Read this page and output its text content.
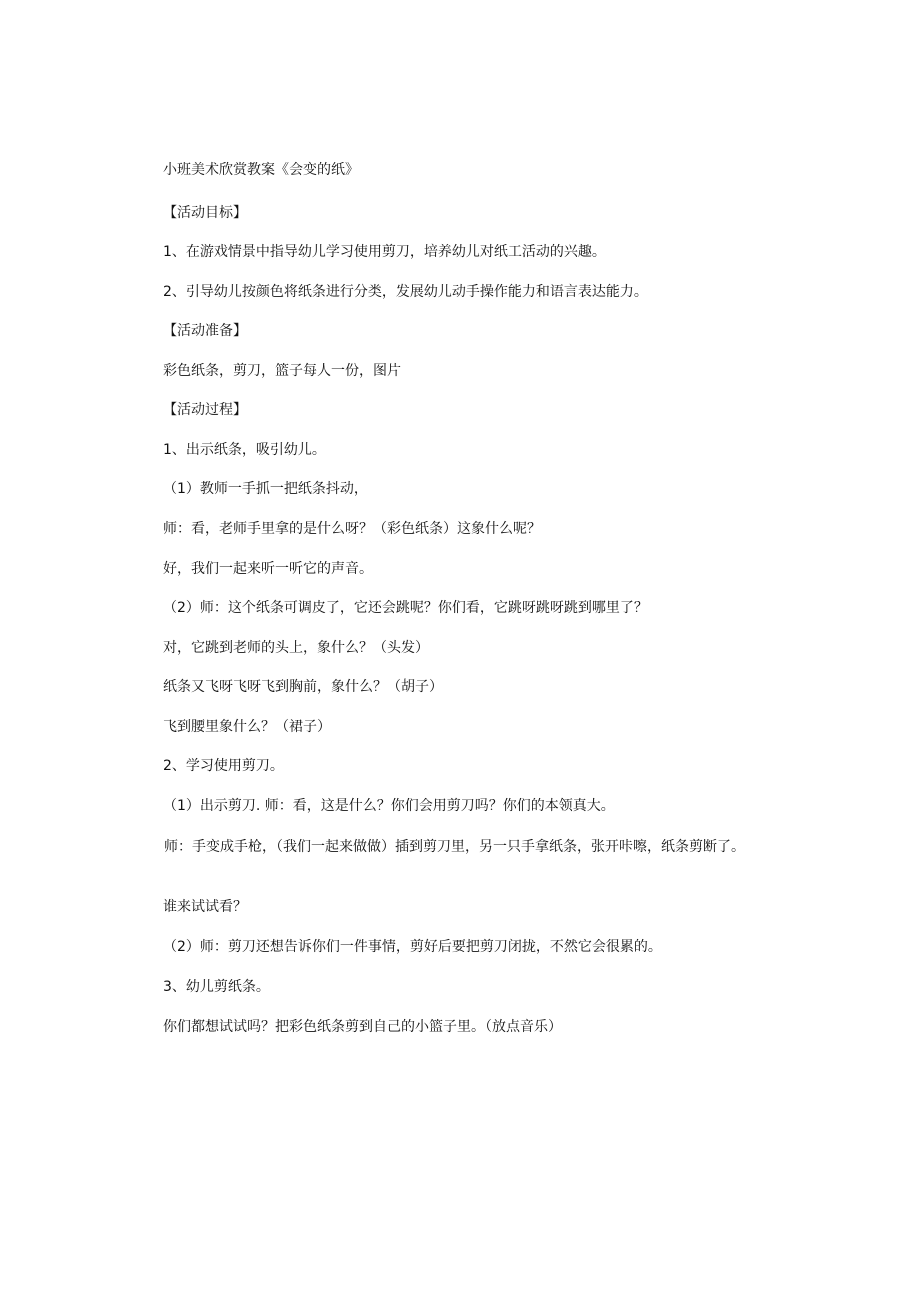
小班美术欣赏教案《会变的纸》
【活动目标】
1、在游戏情景中指导幼儿学习使用剪刀，培养幼儿对纸工活动的兴趣。
2、引导幼儿按颜色将纸条进行分类，发展幼儿动手操作能力和语言表达能力。
【活动准备】
彩色纸条，剪刀，篮子每人一份，图片
【活动过程】
1、出示纸条，吸引幼儿。
（1）教师一手抓一把纸条抖动，
师：看，老师手里拿的是什么呀？（彩色纸条）这象什么呢？
好，我们一起来听一听它的声音。
（2）师：这个纸条可调皮了，它还会跳呢？你们看，它跳呀跳呀跳到哪里了？
对，它跳到老师的头上，象什么？（头发）
纸条又飞呀飞呀飞到胸前，象什么？（胡子）
飞到腰里象什么？（裙子）
2、学习使用剪刀。
（1）出示剪刀. 师：看，这是什么？你们会用剪刀吗？你们的本领真大。
师：手变成手枪，（我们一起来做做）插到剪刀里，另一只手拿纸条，张开咔嚓，纸条剪断了。
谁来试试看？
（2）师：剪刀还想告诉你们一件事情，剪好后要把剪刀闭拢，不然它会很累的。
3、幼儿剪纸条。
你们都想试试吗？把彩色纸条剪到自己的小篮子里。（放点音乐）
